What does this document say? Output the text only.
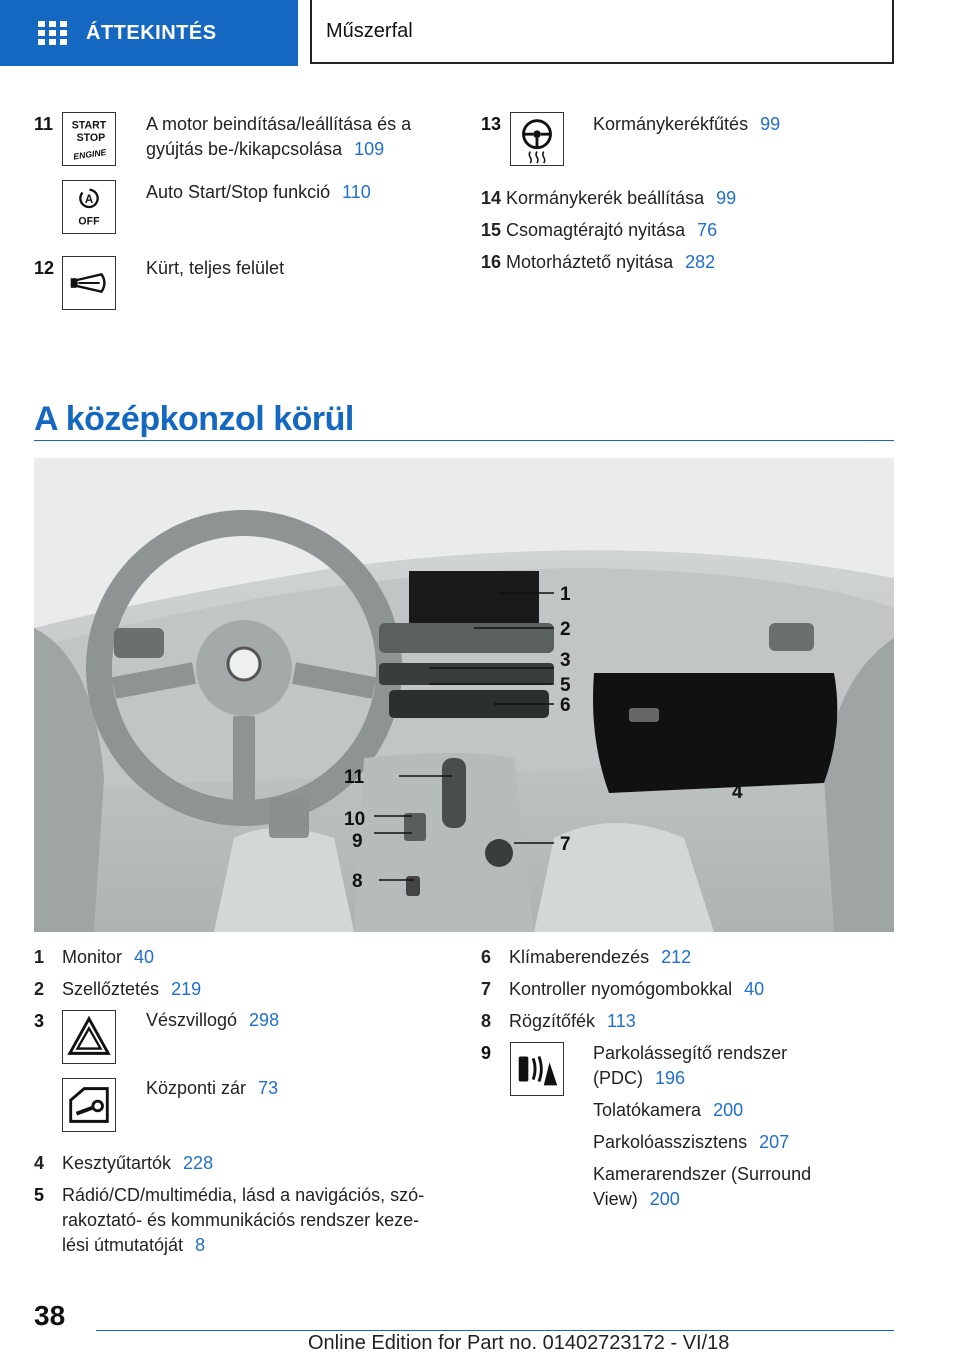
ÁTTEKINTÉS	Műszerfal
11 START
STOP
ENGINE
A motor beindítása/leállítása és a gyújtás be-/kikapcsolása 109
A
OFF
Auto Start/Stop funkció 110
12	Kürt, teljes felület
13	Kormánykerékfűtés 99
14 Kormánykerék beállítása 99
15 Csomagtérajtó nyitása 76
16 Motorháztető nyitása 282
A középkonzol körül
1
2
3
5
6
4
11
10
9	7
8
1 Monitor 40
2 Szellőztetés 219
3	Vészvillogó 298
Központi zár 73
4 Kesztyűtartók 228
5 Rádió/CD/multimédia, lásd a navigációs, szó-
rakoztató- és kommunikációs rendszer keze-
lési útmutatóját 8
6 Klímaberendezés 212
7 Kontroller nyomógombokkal 40
8 Rögzítőfék 113
9	Parkolássegítő rendszer
(PDC) 196
Tolatókamera 200
Parkolóasszisztens 207
Kamerarendszer (Surround
View) 200
38
Online Edition for Part no. 01402723172 - VI/18
